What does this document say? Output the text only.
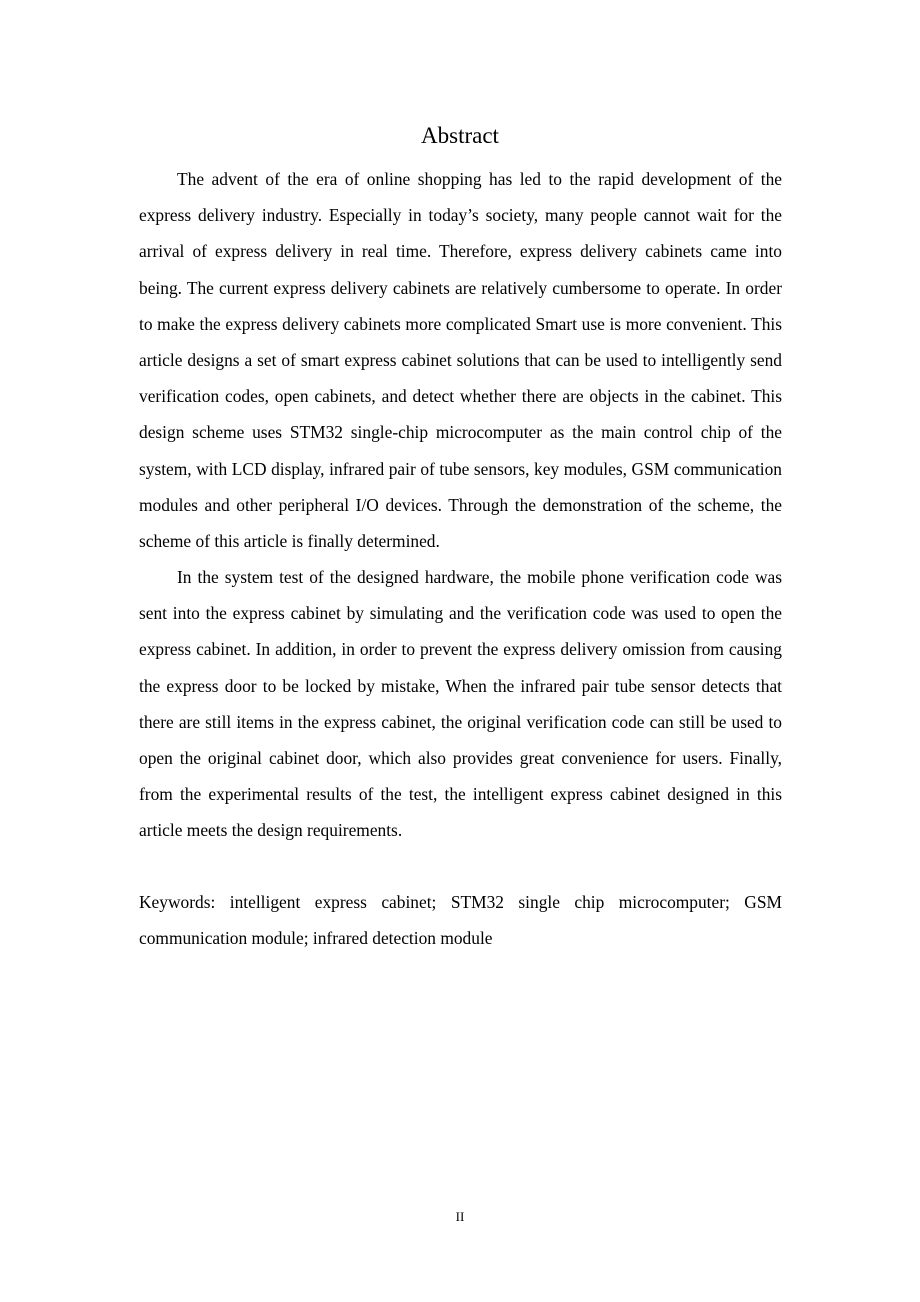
Abstract

The advent of the era of online shopping has led to the rapid development of the express delivery industry. Especially in today’s society, many people cannot wait for the arrival of express delivery in real time. Therefore, express delivery cabinets came into being. The current express delivery cabinets are relatively cumbersome to operate. In order to make the express delivery cabinets more complicated Smart use is more convenient. This article designs a set of smart express cabinet solutions that can be used to intelligently send verification codes, open cabinets, and detect whether there are objects in the cabinet. This design scheme uses STM32 single-chip microcomputer as the main control chip of the system, with LCD display, infrared pair of tube sensors, key modules, GSM communication modules and other peripheral I/O devices. Through the demonstration of the scheme, the scheme of this article is finally determined.

In the system test of the designed hardware, the mobile phone verification code was sent into the express cabinet by simulating and the verification code was used to open the express cabinet. In addition, in order to prevent the express delivery omission from causing the express door to be locked by mistake, When the infrared pair tube sensor detects that there are still items in the express cabinet, the original verification code can still be used to open the original cabinet door, which also provides great convenience for users. Finally, from the experimental results of the test, the intelligent express cabinet designed in this article meets the design requirements.

Keywords: intelligent express cabinet; STM32 single chip microcomputer; GSM communication module; infrared detection module
II
